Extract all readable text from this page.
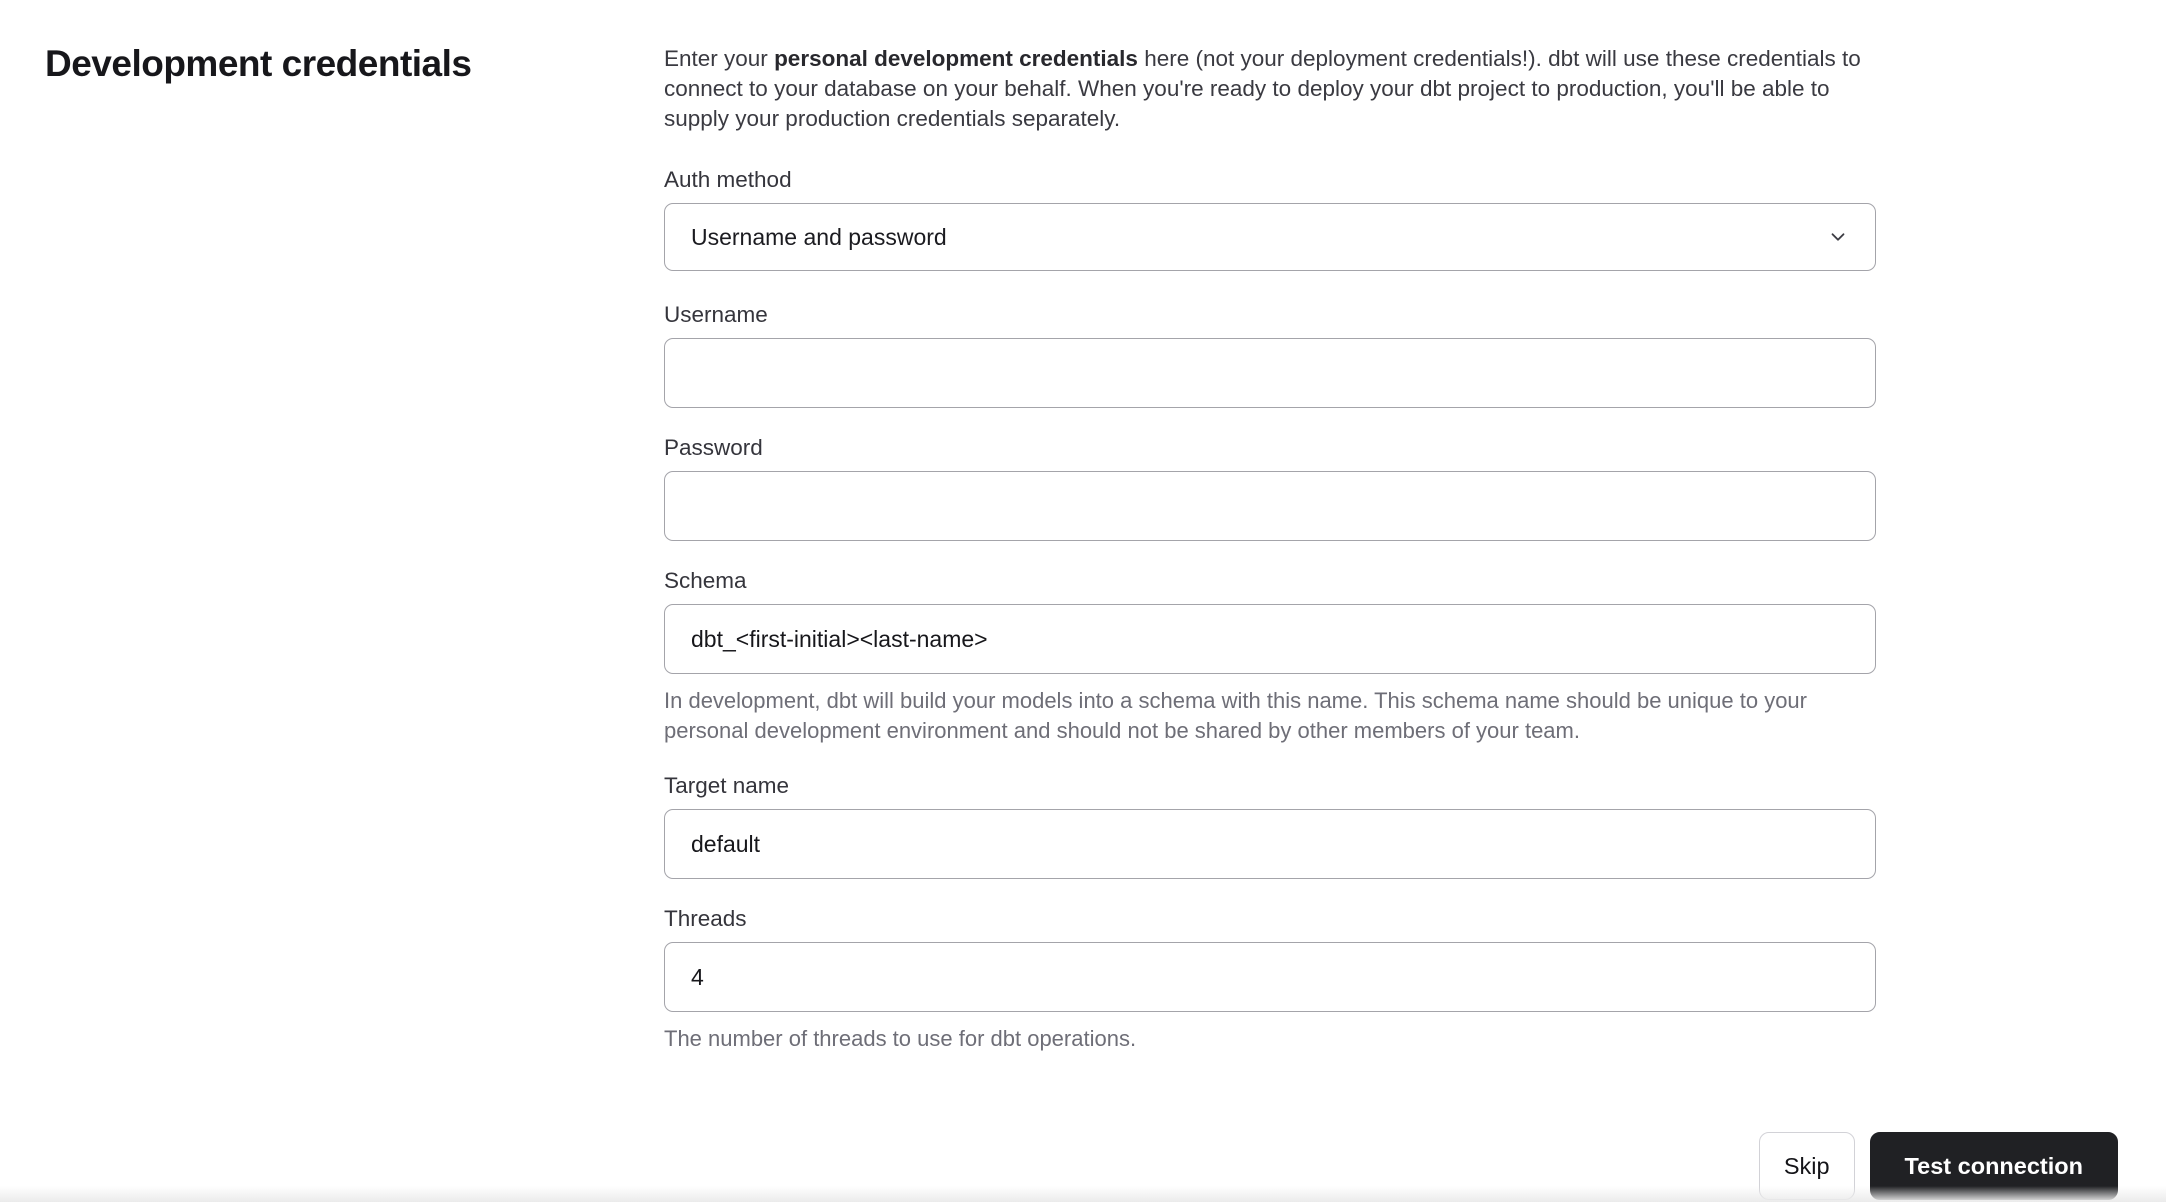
Development credentials	Enter your personal development credentials here (not your deployment credentials!). dbt will use these credentials to connect to your database on your behalf. When you're ready to deploy your dbt project to production, you'll be able to supply your production credentials separately.

Auth method
Username and password
Username
Password
Schema
dbt_<first-initial><last-name>
In development, dbt will build your models into a schema with this name. This schema name should be unique to your personal development environment and should not be shared by other members of your team.
Target name
default
Threads
4
The number of threads to use for dbt operations.
Skip	Test connection
